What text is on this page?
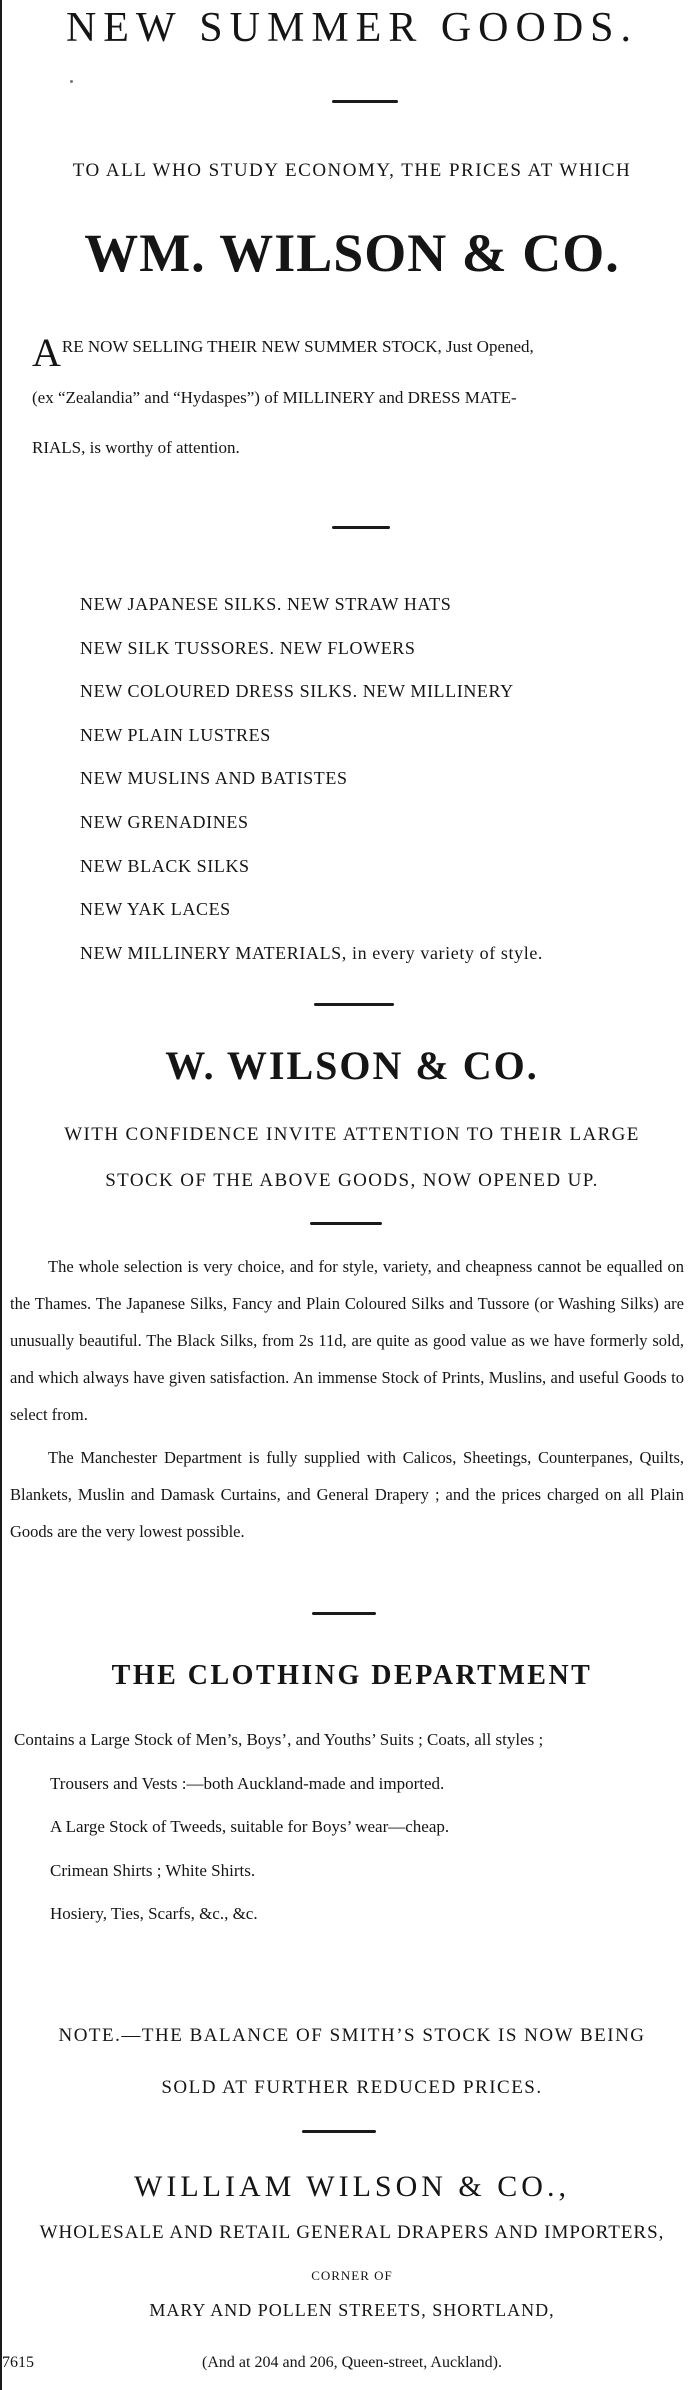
NEW SUMMER GOODS.
TO ALL WHO STUDY ECONOMY, THE PRICES AT WHICH
WM. WILSON & CO.

ARE NOW SELLING THEIR NEW SUMMER STOCK, Just Opened,

(ex “Zealandia” and “Hydaspes”) of MILLINERY and DRESS MATE-

RIALS, is worthy of attention.

NEW JAPANESE SILKS. NEW STRAW HATS
NEW SILK TUSSORES. NEW FLOWERS
NEW COLOURED DRESS SILKS. NEW MILLINERY
NEW PLAIN LUSTRES
NEW MUSLINS AND BATISTES
NEW GRENADINES
NEW BLACK SILKS
NEW YAK LACES
NEW MILLINERY MATERIALS, in every variety of style.
W. WILSON & CO.
WITH CONFIDENCE INVITE ATTENTION TO THEIR LARGE
STOCK OF THE ABOVE GOODS, NOW OPENED UP.

The whole selection is very choice, and for style, variety, and cheapness cannot be equalled on the Thames. The Japanese Silks, Fancy and Plain Coloured Silks and Tussore (or Washing Silks) are unusually beautiful. The Black Silks, from 2s 11d, are quite as good value as we have formerly sold, and which always have given satisfaction. An immense Stock of Prints, Muslins, and useful Goods to select from.

The Manchester Department is fully supplied with Calicos, Sheetings, Counterpanes, Quilts, Blankets, Muslin and Damask Curtains, and General Drapery ; and the prices charged on all Plain Goods are the very lowest possible.

THE CLOTHING DEPARTMENT
Contains a Large Stock of Men’s, Boys’, and Youths’ Suits ; Coats, all styles ;
Trousers and Vests :—both Auckland-made and imported.
A Large Stock of Tweeds, suitable for Boys’ wear—cheap.
Crimean Shirts ; White Shirts.
Hosiery, Ties, Scarfs, &c., &c.
NOTE.—THE BALANCE OF SMITH’S STOCK IS NOW BEING
SOLD AT FURTHER REDUCED PRICES.
WILLIAM WILSON & CO.,
WHOLESALE AND RETAIL GENERAL DRAPERS AND IMPORTERS,
CORNER OF
MARY AND POLLEN STREETS, SHORTLAND,
7615	(And at 204 and 206, Queen-street, Auckland).
